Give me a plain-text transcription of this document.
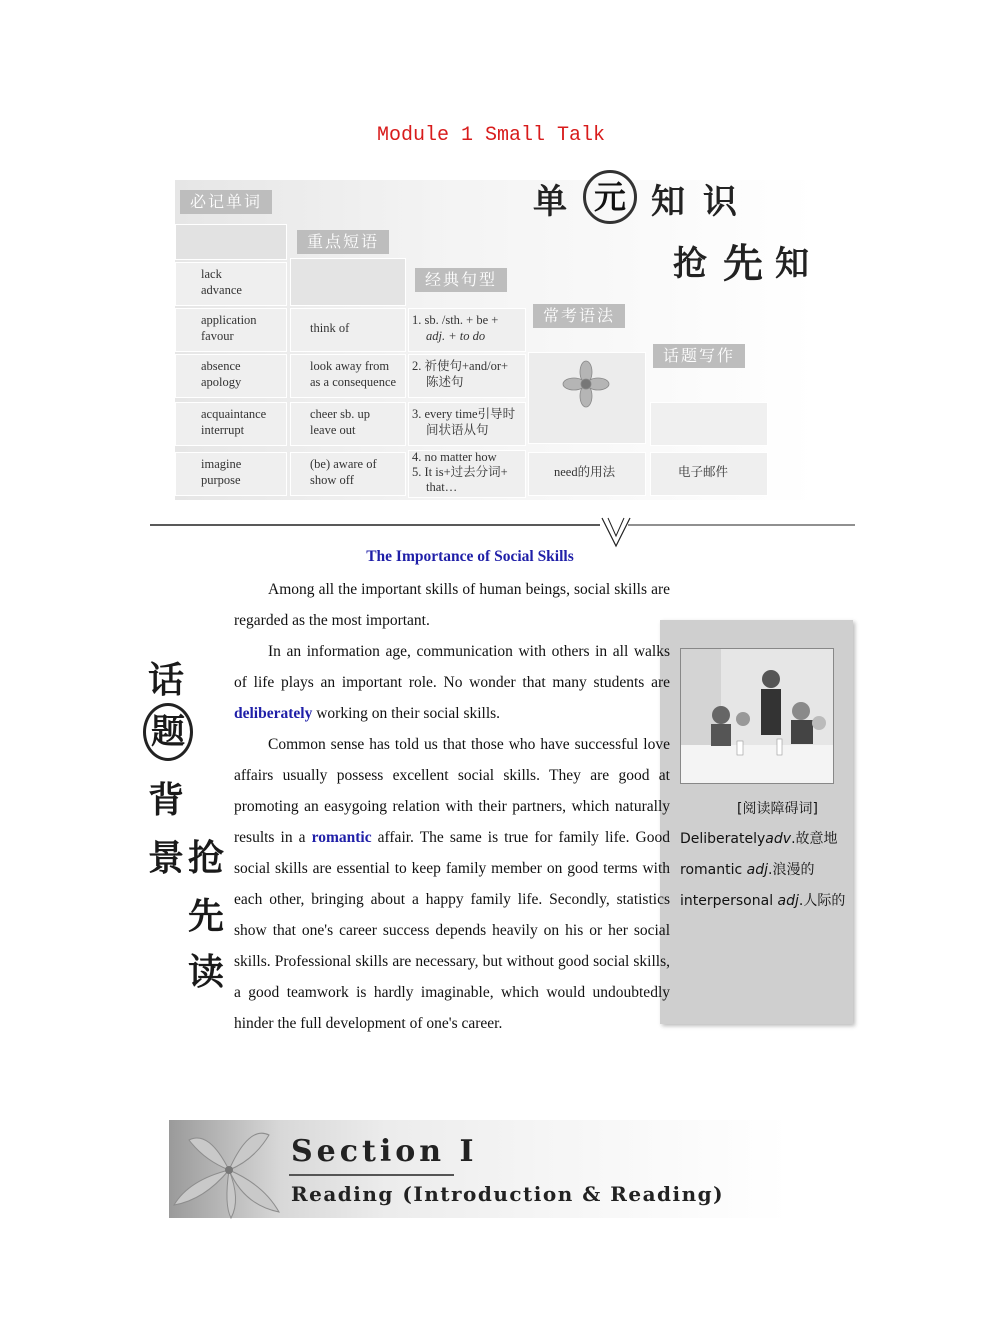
Module 1 Small Talk
必记单词
重点短语
经典句型
常考语法
话题写作
lack
advance
application
favour
absence
apology
acquaintance
interrupt
imagine
purpose
think of
look away from
as a consequence
cheer sb. up
leave out
(be) aware of
show off
1. sb. /sth. + be +
adj. + to do
2. 祈使句+and/or+
陈述句
3. every time引导时
间状语从句
4. no matter how
5. It is+过去分词+
that…
need的用法	电子邮件
单 元 知 识
抢 先 知
The Importance of Social Skills
话
题
背
景 抢
先
读
[阅读障碍词]
Deliberatelyadv.故意地
romantic adj.浪漫的
interpersonal adj.人际的

Among all the important skills of human beings, social skills are regarded as the most important.

In an information age, communication with others in all walks of life plays an important role. No wonder that many students are deliberately working on their social skills.

Common sense has told us that those who have successful love affairs usually possess excellent social skills. They are good at promoting an easygoing relation with their partners, which naturally results in a romantic affair. The same is true for family life. Good social skills are essential to keep family member on good terms with each other, bringing about a happy family life. Secondly, statistics show that one's career success depends heavily on his or her social skills. Professional skills are necessary, but without good social skills, a good teamwork is hardly imaginable, which would undoubtedly hinder the full development of one's career.

Section I
Reading (Introduction & Reading)
